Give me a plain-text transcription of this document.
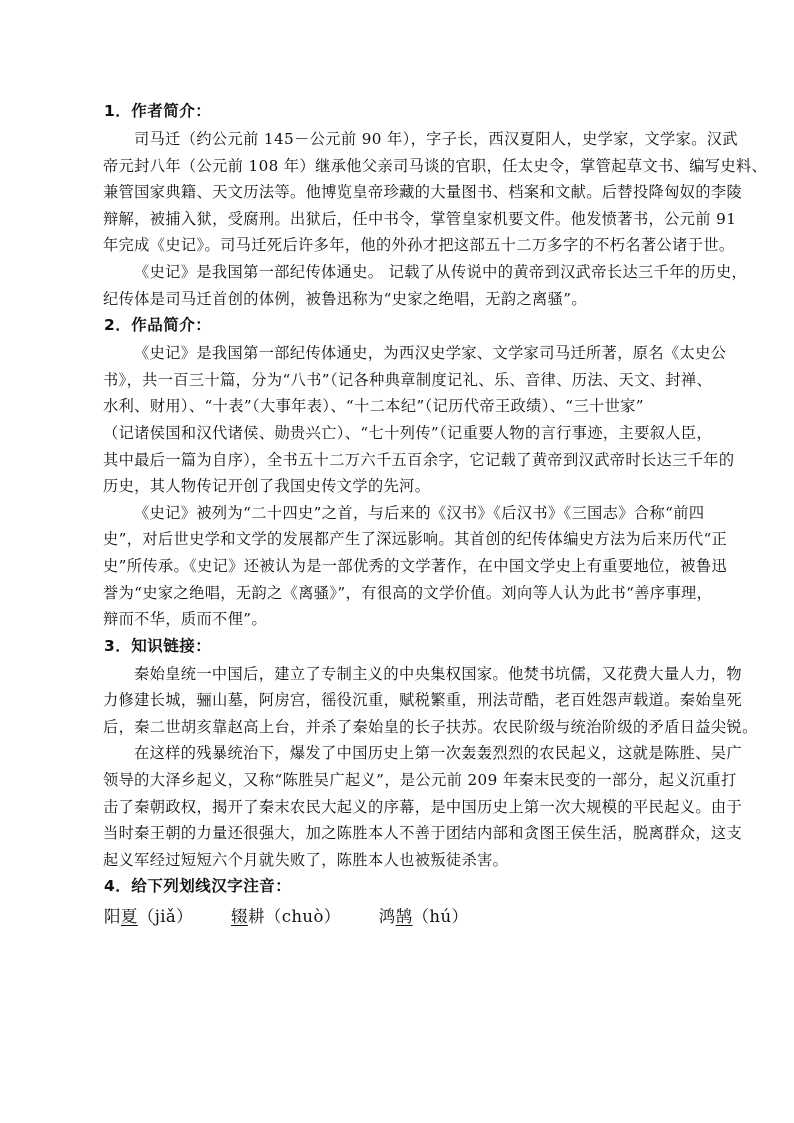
1．作者简介：
司马迁（约公元前 145－公元前 90 年），字子长，西汉夏阳人，史学家，文学家。汉武
帝元封八年（公元前 108 年）继承他父亲司马谈的官职，任太史令，掌管起草文书、编写史料、
兼管国家典籍、天文历法等。他博览皇帝珍藏的大量图书、档案和文献。后替投降匈奴的李陵
辩解，被捕入狱，受腐刑。出狱后，任中书令，掌管皇家机要文件。他发愤著书，公元前 91
年完成《史记》。司马迁死后许多年，他的外孙才把这部五十二万多字的不朽名著公诸于世。
《史记》是我国第一部纪传体通史。 记载了从传说中的黄帝到汉武帝长达三千年的历史，
纪传体是司马迁首创的体例，被鲁迅称为“史家之绝唱，无韵之离骚”。
2．作品简介：
《史记》是我国第一部纪传体通史，为西汉史学家、文学家司马迁所著，原名《太史公
书》，共一百三十篇，分为“八书”（记各种典章制度记礼、乐、音律、历法、天文、封禅、
水利、财用）、“十表”（大事年表）、“十二本纪”（记历代帝王政绩）、“三十世家”
（记诸侯国和汉代诸侯、勋贵兴亡）、“七十列传”（记重要人物的言行事迹，主要叙人臣，
其中最后一篇为自序），全书五十二万六千五百余字，它记载了黄帝到汉武帝时长达三千年的
历史，其人物传记开创了我国史传文学的先河。
《史记》被列为“二十四史”之首，与后来的《汉书》《后汉书》《三国志》合称“前四
史”，对后世史学和文学的发展都产生了深远影响。其首创的纪传体编史方法为后来历代“正
史”所传承。《史记》还被认为是一部优秀的文学著作，在中国文学史上有重要地位，被鲁迅
誉为“史家之绝唱，无韵之《离骚》”，有很高的文学价值。刘向等人认为此书“善序事理，
辩而不华，质而不俚”。
3．知识链接：
秦始皇统一中国后，建立了专制主义的中央集权国家。他焚书坑儒，又花费大量人力，物
力修建长城，骊山墓，阿房宫，徭役沉重，赋税繁重，刑法苛酷，老百姓怨声载道。秦始皇死
后，秦二世胡亥靠赵高上台，并杀了秦始皇的长子扶苏。农民阶级与统治阶级的矛盾日益尖锐。
在这样的残暴统治下，爆发了中国历史上第一次轰轰烈烈的农民起义，这就是陈胜、吴广
领导的大泽乡起义，又称“陈胜吴广起义”，是公元前 209 年秦末民变的一部分，起义沉重打
击了秦朝政权，揭开了秦末农民大起义的序幕，是中国历史上第一次大规模的平民起义。由于
当时秦王朝的力量还很强大，加之陈胜本人不善于团结内部和贪图王侯生活，脱离群众，这支
起义军经过短短六个月就失败了，陈胜本人也被叛徒杀害。
4．给下列划线汉字注音：
阳夏（jiǎ） 辍耕（chuò） 鸿鹄（hú）
